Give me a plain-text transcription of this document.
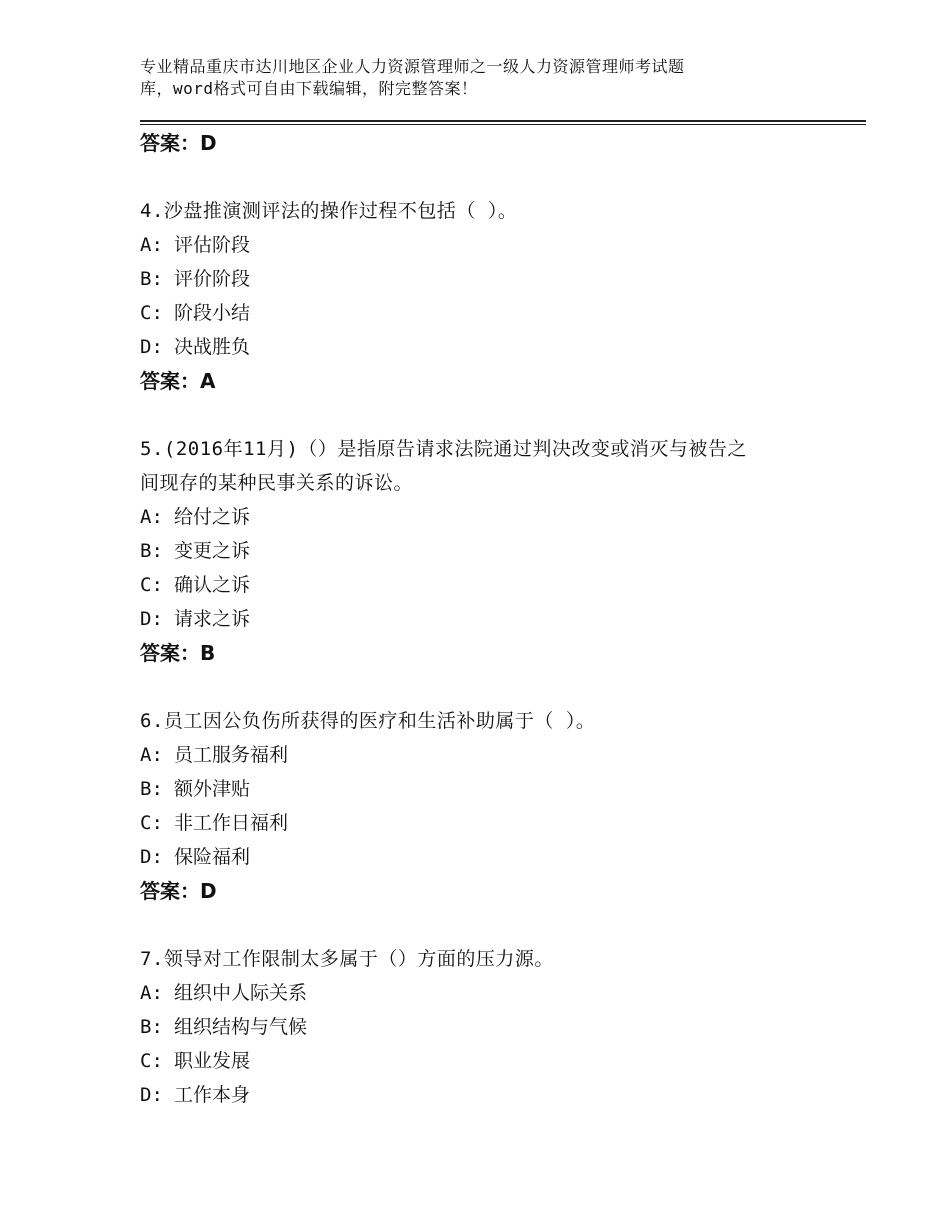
专业精品重庆市达川地区企业人力资源管理师之一级人力资源管理师考试题
库，word格式可自由下载编辑，附完整答案！
答案：D
4.沙盘推演测评法的操作过程不包括（ ）。
A: 评估阶段
B: 评价阶段
C: 阶段小结
D: 决战胜负
答案：A
5.(2016年11月)（）是指原告请求法院通过判决改变或消灭与被告之
间现存的某种民事关系的诉讼。
A: 给付之诉
B: 变更之诉
C: 确认之诉
D: 请求之诉
答案：B
6.员工因公负伤所获得的医疗和生活补助属于（ ）。
A: 员工服务福利
B: 额外津贴
C: 非工作日福利
D: 保险福利
答案：D
7.领导对工作限制太多属于（）方面的压力源。
A: 组织中人际关系
B: 组织结构与气候
C: 职业发展
D: 工作本身
